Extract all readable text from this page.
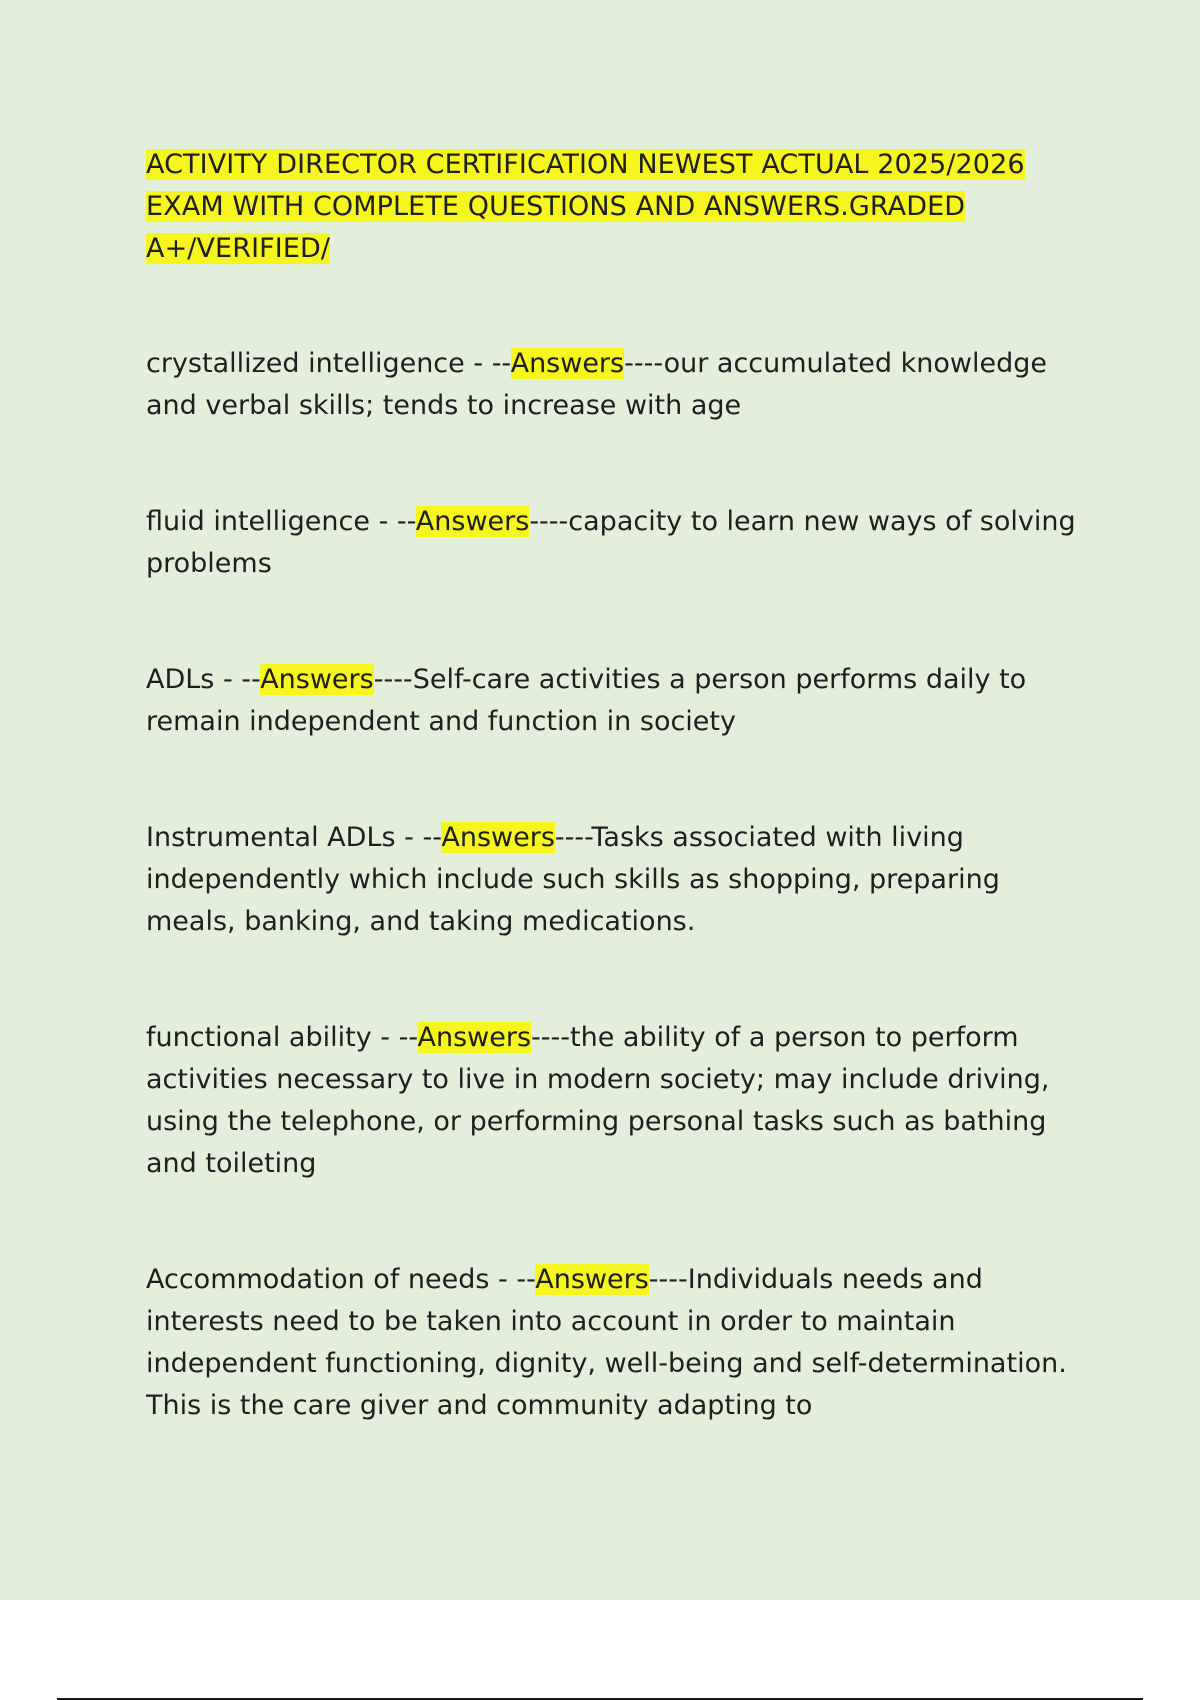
ACTIVITY DIRECTOR CERTIFICATION NEWEST ACTUAL 2025/2026 EXAM WITH COMPLETE QUESTIONS AND ANSWERS.GRADED A+/VERIFIED/

crystallized intelligence - --Answers----our accumulated knowledge and verbal skills; tends to increase with age

fluid intelligence - --Answers----capacity to learn new ways of solving problems

ADLs - --Answers----Self-care activities a person performs daily to remain independent and function in society

Instrumental ADLs - --Answers----Tasks associated with living independently which include such skills as shopping, preparing meals, banking, and taking medications.

functional ability - --Answers----the ability of a person to perform activities necessary to live in modern society; may include driving, using the telephone, or performing personal tasks such as bathing and toileting

Accommodation of needs - --Answers----Individuals needs and interests need to be taken into account in order to maintain independent functioning, dignity, well-being and self-determination. This is the care giver and community adapting to
